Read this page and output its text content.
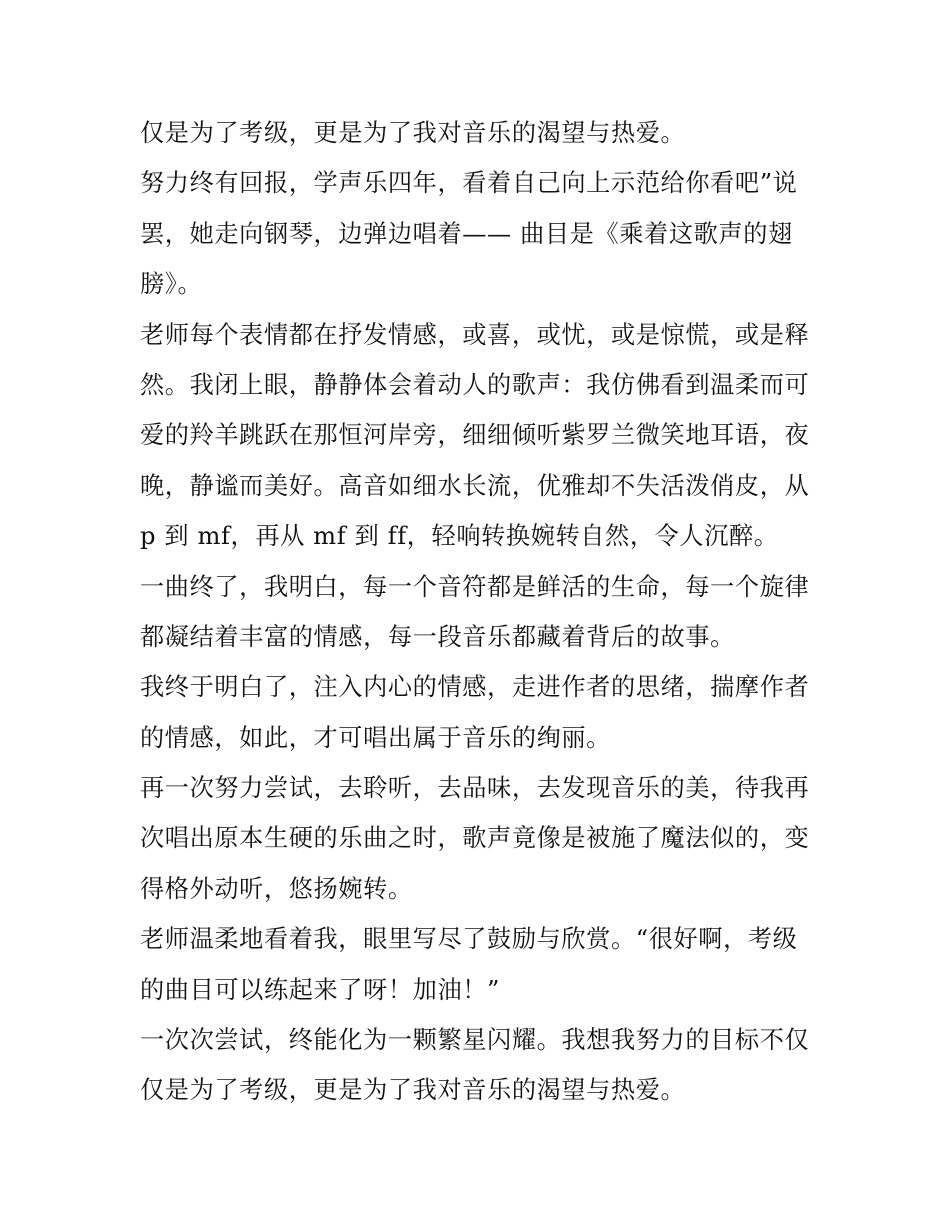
仅是为了考级，更是为了我对音乐的渴望与热爱。

努力终有回报，学声乐四年，看着自己向上示范给你看吧”说
罢，她走向钢琴，边弹边唱着—— 曲目是《乘着这歌声的翅
膀》。

老师每个表情都在抒发情感，或喜，或忧，或是惊慌，或是释
然。我闭上眼，静静体会着动人的歌声：我仿佛看到温柔而可
爱的羚羊跳跃在那恒河岸旁，细细倾听紫罗兰微笑地耳语，夜
晚，静谧而美好。高音如细水长流，优雅却不失活泼俏皮，从
p 到 mf，再从 mf 到 ff，轻响转换婉转自然，令人沉醉。

一曲终了，我明白，每一个音符都是鲜活的生命，每一个旋律
都凝结着丰富的情感，每一段音乐都藏着背后的故事。

我终于明白了，注入内心的情感，走进作者的思绪，揣摩作者
的情感，如此，才可唱出属于音乐的绚丽。

再一次努力尝试，去聆听，去品味，去发现音乐的美，待我再
次唱出原本生硬的乐曲之时，歌声竟像是被施了魔法似的，变
得格外动听，悠扬婉转。

老师温柔地看着我，眼里写尽了鼓励与欣赏。“很好啊，考级
的曲目可以练起来了呀！加油！”

一次次尝试，终能化为一颗繁星闪耀。我想我努力的目标不仅
仅是为了考级，更是为了我对音乐的渴望与热爱。
